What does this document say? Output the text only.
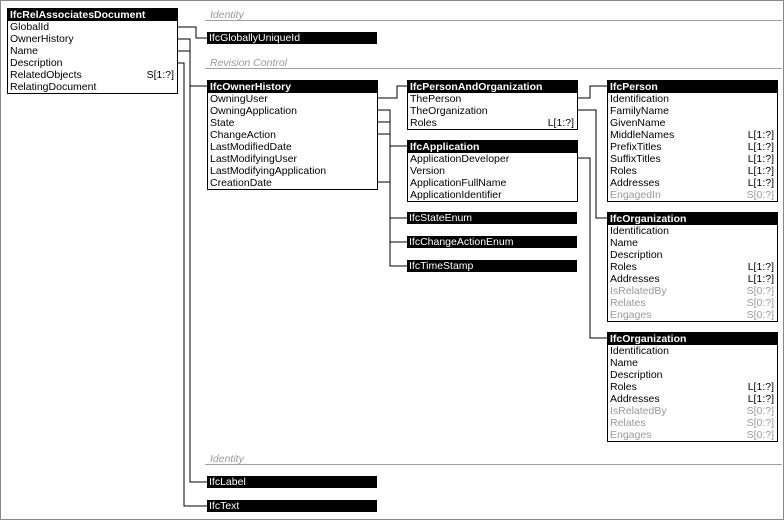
Identity
Revision Control
Identity
IfcRelAssociatesDocument
GlobalId
OwnerHistory
Name
Description
RelatedObjects	S[1:?]
RelatingDocument
IfcGloballyUniqueId
IfcStateEnum
IfcChangeActionEnum
IfcTimeStamp
IfcLabel
IfcText
IfcOwnerHistory
OwningUser
OwningApplication
State
ChangeAction
LastModifiedDate
LastModifyingUser
LastModifyingApplication
CreationDate
IfcPersonAndOrganization
ThePerson
TheOrganization
Roles	L[1:?]
IfcApplication
ApplicationDeveloper
Version
ApplicationFullName
ApplicationIdentifier
IfcPerson
Identification
FamilyName
GivenName
MiddleNames	L[1:?]
PrefixTitles	L[1:?]
SuffixTitles	L[1:?]
Roles	L[1:?]
Addresses	L[1:?]
EngagedIn	S[0:?]
IfcOrganization
Identification
Name
Description
Roles	L[1:?]
Addresses	L[1:?]
IsRelatedBy	S[0:?]
Relates	S[0:?]
Engages	S[0:?]
IfcOrganization
Identification
Name
Description
Roles	L[1:?]
Addresses	L[1:?]
IsRelatedBy	S[0:?]
Relates	S[0:?]
Engages	S[0:?]
